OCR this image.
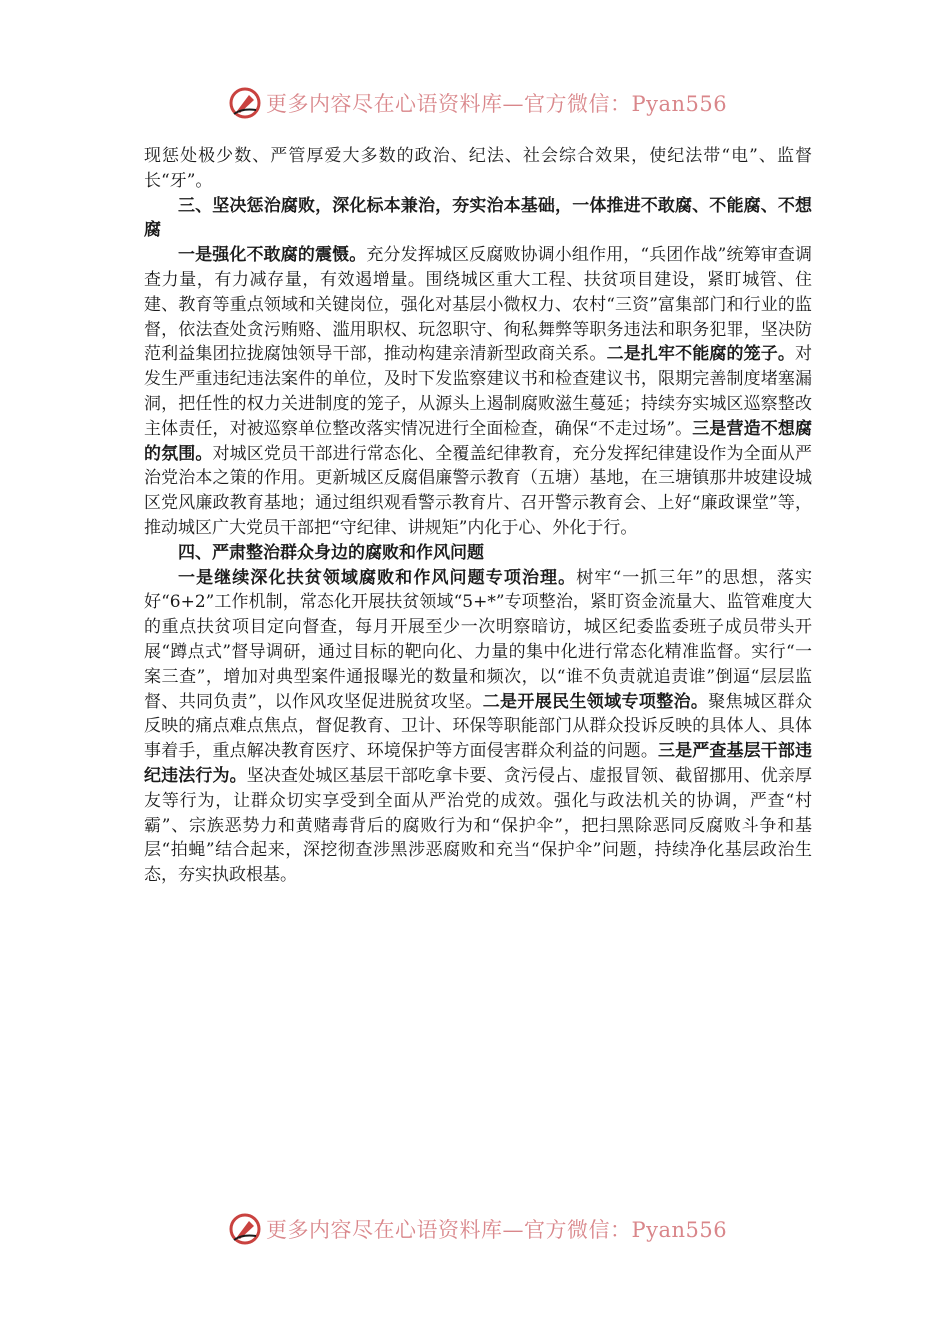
更多内容尽在心语资料库—官方微信：Pyan556

现惩处极少数、严管厚爱大多数的政治、纪法、社会综合效果，使纪法带“电”、监督长“牙”。

三、坚决惩治腐败，深化标本兼治，夯实治本基础，一体推进不敢腐、不能腐、不想腐

一是强化不敢腐的震慑。充分发挥城区反腐败协调小组作用，“兵团作战”统筹审查调查力量，有力减存量，有效遏增量。围绕城区重大工程、扶贫项目建设，紧盯城管、住建、教育等重点领域和关键岗位，强化对基层小微权力、农村“三资”富集部门和行业的监督，依法查处贪污贿赂、滥用职权、玩忽职守、徇私舞弊等职务违法和职务犯罪，坚决防范利益集团拉拢腐蚀领导干部，推动构建亲清新型政商关系。二是扎牢不能腐的笼子。对发生严重违纪违法案件的单位，及时下发监察建议书和检查建议书，限期完善制度堵塞漏洞，把任性的权力关进制度的笼子，从源头上遏制腐败滋生蔓延；持续夯实城区巡察整改主体责任，对被巡察单位整改落实情况进行全面检查，确保“不走过场”。三是营造不想腐的氛围。对城区党员干部进行常态化、全覆盖纪律教育，充分发挥纪律建设作为全面从严治党治本之策的作用。更新城区反腐倡廉警示教育（五塘）基地，在三塘镇那井坡建设城区党风廉政教育基地；通过组织观看警示教育片、召开警示教育会、上好“廉政课堂”等，推动城区广大党员干部把“守纪律、讲规矩”内化于心、外化于行。

四、严肃整治群众身边的腐败和作风问题

一是继续深化扶贫领域腐败和作风问题专项治理。树牢“一抓三年”的思想，落实好“6+2”工作机制，常态化开展扶贫领域“5+*”专项整治，紧盯资金流量大、监管难度大的重点扶贫项目定向督查，每月开展至少一次明察暗访，城区纪委监委班子成员带头开展“蹲点式”督导调研，通过目标的靶向化、力量的集中化进行常态化精准监督。实行“一案三查”，增加对典型案件通报曝光的数量和频次，以“谁不负责就追责谁”倒逼“层层监督、共同负责”，以作风攻坚促进脱贫攻坚。二是开展民生领域专项整治。聚焦城区群众反映的痛点难点焦点，督促教育、卫计、环保等职能部门从群众投诉反映的具体人、具体事着手，重点解决教育医疗、环境保护等方面侵害群众利益的问题。三是严查基层干部违纪违法行为。坚决查处城区基层干部吃拿卡要、贪污侵占、虚报冒领、截留挪用、优亲厚友等行为，让群众切实享受到全面从严治党的成效。强化与政法机关的协调，严查“村霸”、宗族恶势力和黄赌毒背后的腐败行为和“保护伞”，把扫黑除恶同反腐败斗争和基层“拍蝇”结合起来，深挖彻查涉黑涉恶腐败和充当“保护伞”问题，持续净化基层政治生态，夯实执政根基。

更多内容尽在心语资料库—官方微信：Pyan556
